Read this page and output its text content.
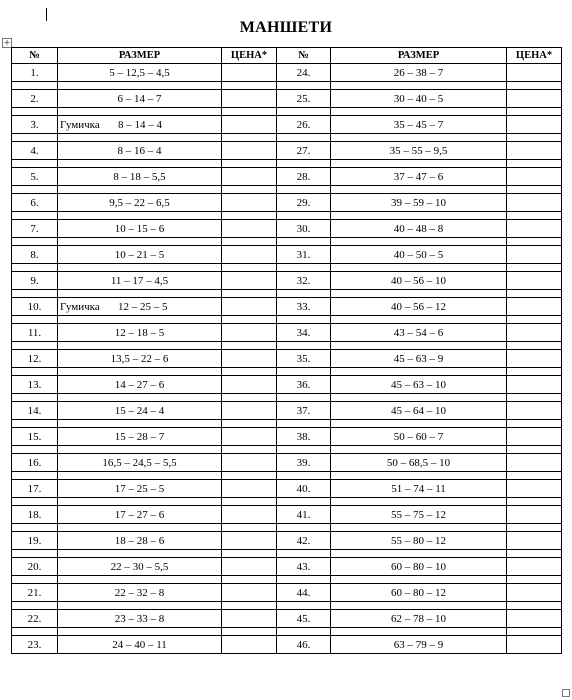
МАНШЕТИ
+
№	РАЗМЕР	ЦЕНА*	№	РАЗМЕР	ЦЕНА*
1.	5 – 12,5 – 4,5		24.	26 – 38 – 7	

2.	6 – 14 – 7		25.	30 – 40 – 5	

3.	Гумичка 8 – 14 – 4		26.	35 – 45 – 7	

4.	8 – 16 – 4		27.	35 – 55 – 9,5	

5.	8 – 18 – 5,5		28.	37 – 47 – 6	

6.	9,5 – 22 – 6,5		29.	39 – 59 – 10	

7.	10 – 15 – 6		30.	40 – 48 – 8	

8.	10 – 21 – 5		31.	40 – 50 – 5	

9.	11 – 17 – 4,5		32.	40 – 56 – 10	

10.	Гумичка 12 – 25 – 5		33.	40 – 56 – 12	

11.	12 – 18 – 5		34.	43 – 54 – 6	

12.	13,5 – 22 – 6		35.	45 – 63 – 9	

13.	14 – 27 – 6		36.	45 – 63 – 10	

14.	15 – 24 – 4		37.	45 – 64 – 10	

15.	15 – 28 – 7		38.	50 – 60 – 7	

16.	16,5 – 24,5 – 5,5		39.	50 – 68,5 – 10	

17.	17 – 25 – 5		40.	51 – 74 – 11	

18.	17 – 27 – 6		41.	55 – 75 – 12	

19.	18 – 28 – 6		42.	55 – 80 – 12	

20.	22 – 30 – 5,5		43.	60 – 80 – 10	

21.	22 – 32 – 8		44.	60 – 80 – 12	

22.	23 – 33 – 8		45.	62 – 78 – 10	

23.	24 – 40 – 11		46.	63 – 79 – 9	
